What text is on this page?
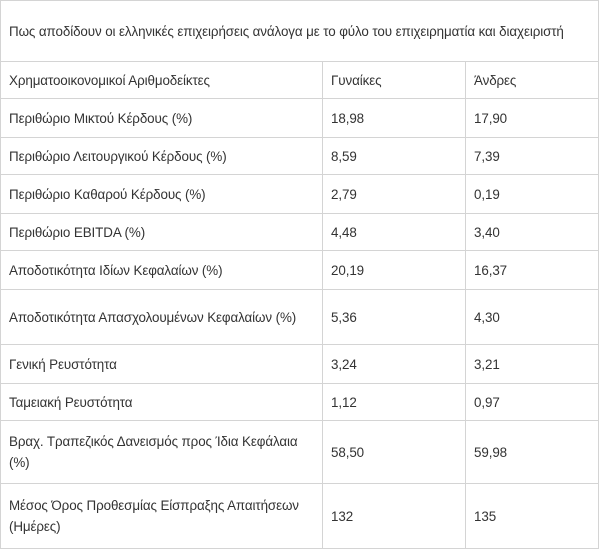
Πως αποδίδουν οι ελληνικές επιχειρήσεις ανάλογα με το φύλο του επιχειρηματία και διαχειριστή		
Χρηματοοικονομικοί Αριθμοδείκτες	Γυναίκες	Άνδρες
Περιθώριο Μικτού Κέρδους (%)	18,98	17,90
Περιθώριο Λειτουργικού Κέρδους (%)	8,59	7,39
Περιθώριο Καθαρού Κέρδους (%)	2,79	0,19
Περιθώριο EBITDA (%)	4,48	3,40
Αποδοτικότητα Ιδίων Κεφαλαίων (%)	20,19	16,37
Αποδοτικότητα Απασχολουμένων Κεφαλαίων (%)	5,36	4,30
Γενική Ρευστότητα	3,24	3,21
Ταμειακή Ρευστότητα	1,12	0,97
Βραχ. Τραπεζικός Δανεισμός προς Ίδια Κεφάλαια (%)	58,50	59,98
Μέσος Όρος Προθεσμίας Είσπραξης Απαιτήσεων (Ημέρες)	132	135
